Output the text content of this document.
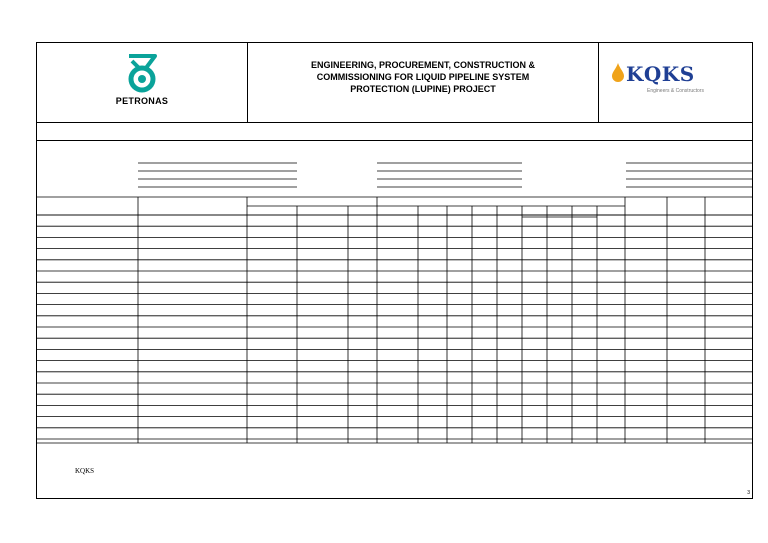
PETRONAS
ENGINEERING, PROCUREMENT, CONSTRUCTION &
COMMISSIONING FOR LIQUID PIPELINE SYSTEM
PROTECTION (LUPINE) PROJECT
KQKS
Engineers & Constructors
KQKS
3
